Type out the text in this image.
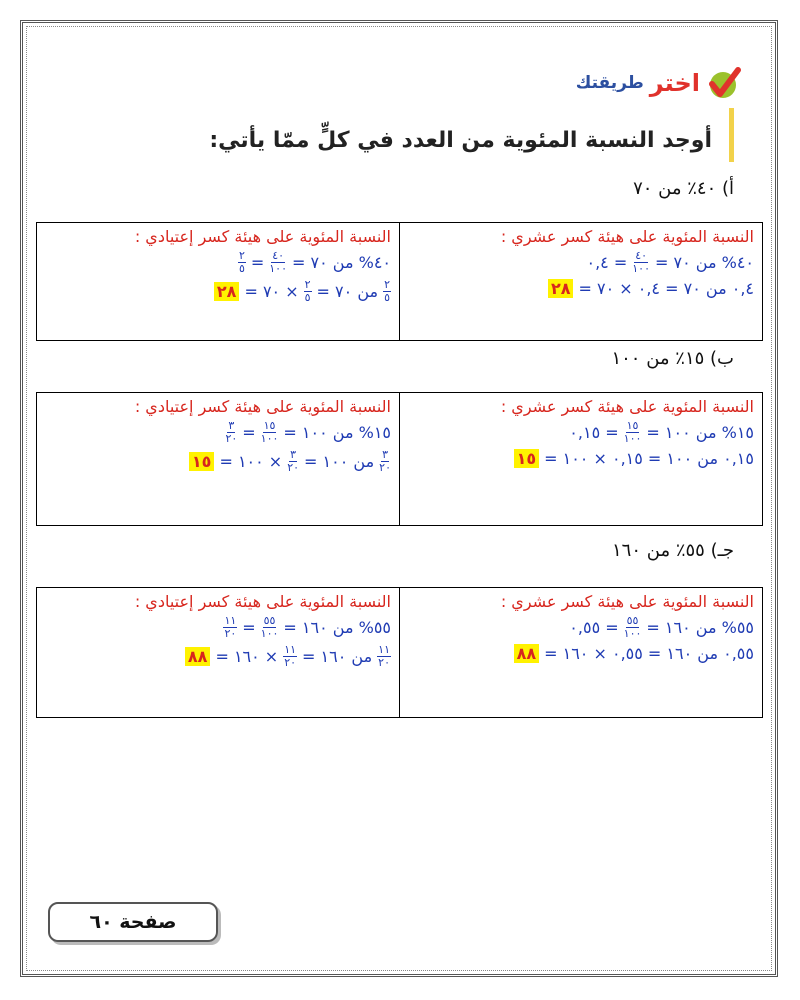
اختر
طريقتك
أوجد النسبة المئوية من العدد في كلٍّ ممّا يأتي:
أ) ٤٠٪ من ٧٠
النسبة المئوية على هيئة كسر عشري :
٤٠% من ٧٠ =
$\frac{٤٠}{١٠٠}$
= ٠,٤
٠,٤ من ٧٠ = ٠,٤ × ٧٠ =
٢٨

النسبة المئوية على هيئة كسر إعتيادي :
٤٠% من ٧٠ =
$\frac{٤٠}{١٠٠}$
=
$\frac{٢}{٥}$
$\frac{٢}{٥}$
من ٧٠ =
$\frac{٢}{٥}$
× ٧٠ =
٢٨
ب) ١٥٪ من ١٠٠
النسبة المئوية على هيئة كسر عشري :
١٥% من ١٠٠ =
$\frac{١٥}{١٠٠}$
= ٠,١٥
٠,١٥ من ١٠٠ = ٠,١٥ × ١٠٠ =
١٥

النسبة المئوية على هيئة كسر إعتيادي :
١٥% من ١٠٠ =
$\frac{١٥}{١٠٠}$
=
$\frac{٣}{٢٠}$
$\frac{٣}{٢٠}$
من ١٠٠ =
$\frac{٣}{٢٠}$
× ١٠٠ =
١٥
جـ) ٥٥٪ من ١٦٠
النسبة المئوية على هيئة كسر عشري :
٥٥% من ١٦٠ =
$\frac{٥٥}{١٠٠}$
= ٠,٥٥
٠,٥٥ من ١٦٠ = ٠,٥٥ × ١٦٠ =
٨٨

النسبة المئوية على هيئة كسر إعتيادي :
٥٥% من ١٦٠ =
$\frac{٥٥}{١٠٠}$
=
$\frac{١١}{٢٠}$
$\frac{١١}{٢٠}$
من ١٦٠ =
$\frac{١١}{٢٠}$
× ١٦٠ =
٨٨
صفحة ٦٠
